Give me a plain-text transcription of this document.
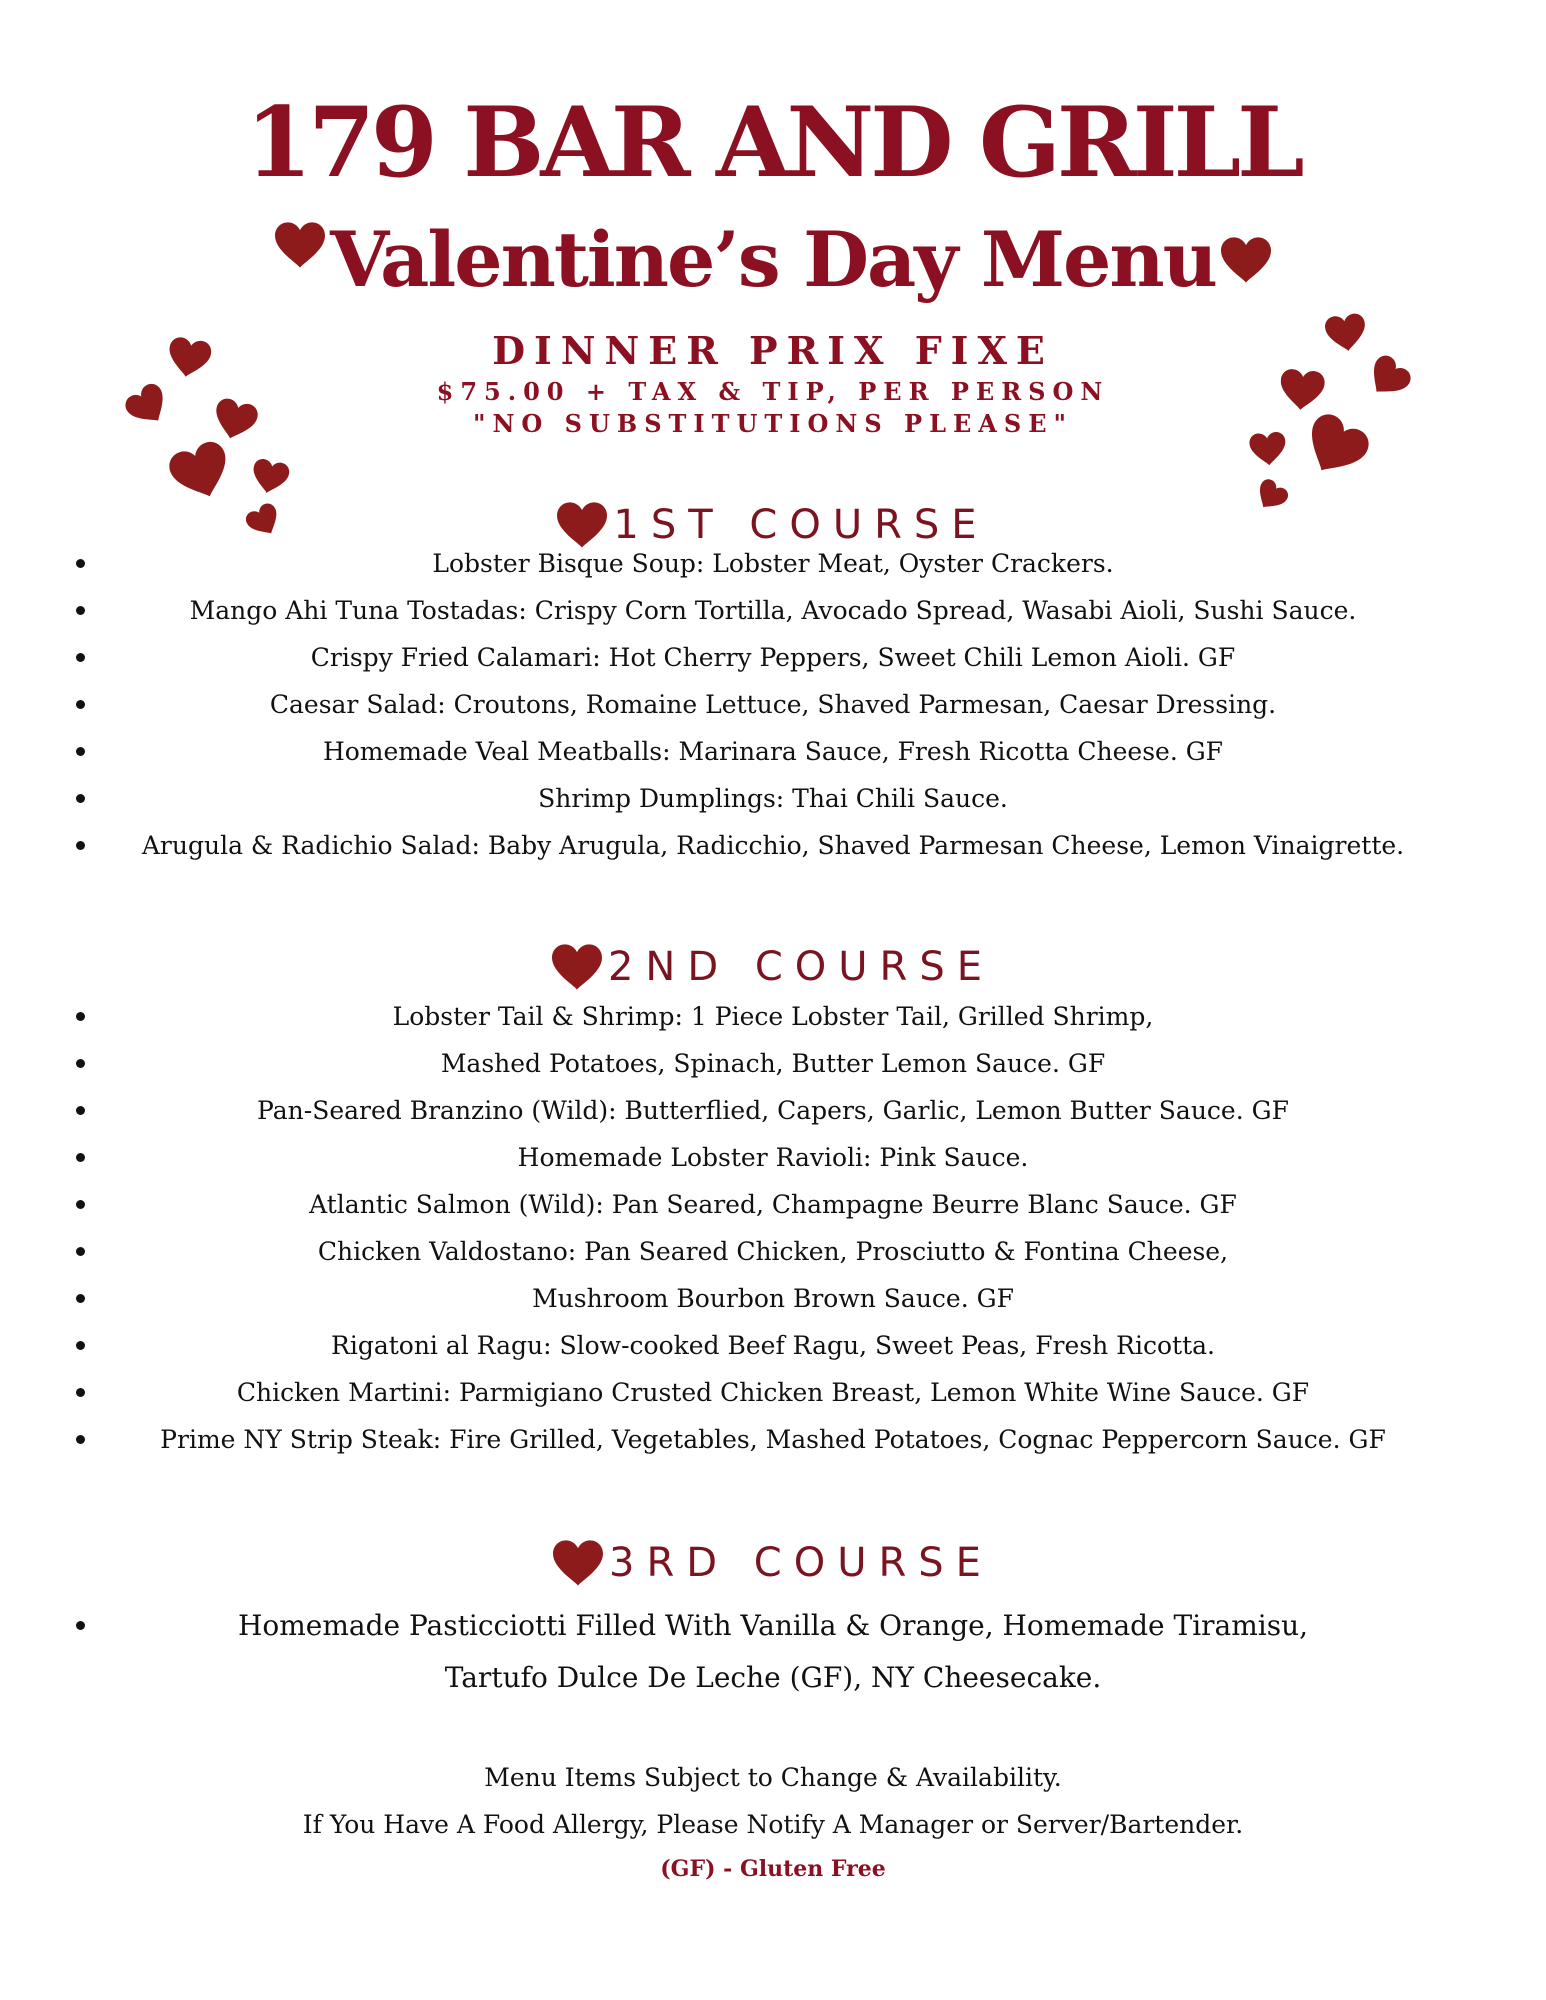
179 BAR AND GRILL
Valentine’s Day Menu
DINNER PRIX FIXE
$75.00 + TAX & TIP, PER PERSON
"NO SUBSTITUTIONS PLEASE"
1ST COURSE
Lobster Bisque Soup: Lobster Meat, Oyster Crackers.
Mango Ahi Tuna Tostadas: Crispy Corn Tortilla, Avocado Spread, Wasabi Aioli, Sushi Sauce.
Crispy Fried Calamari: Hot Cherry Peppers, Sweet Chili Lemon Aioli. GF
Caesar Salad: Croutons, Romaine Lettuce, Shaved Parmesan, Caesar Dressing.
Homemade Veal Meatballs: Marinara Sauce, Fresh Ricotta Cheese. GF
Shrimp Dumplings: Thai Chili Sauce.
Arugula & Radichio Salad: Baby Arugula, Radicchio, Shaved Parmesan Cheese, Lemon Vinaigrette.
2ND COURSE
Lobster Tail & Shrimp: 1 Piece Lobster Tail, Grilled Shrimp,
Mashed Potatoes, Spinach, Butter Lemon Sauce. GF
Pan-Seared Branzino (Wild): Butterflied, Capers, Garlic, Lemon Butter Sauce. GF
Homemade Lobster Ravioli: Pink Sauce.
Atlantic Salmon (Wild): Pan Seared, Champagne Beurre Blanc Sauce. GF
Chicken Valdostano: Pan Seared Chicken, Prosciutto & Fontina Cheese,
Mushroom Bourbon Brown Sauce. GF
Rigatoni al Ragu: Slow-cooked Beef Ragu, Sweet Peas, Fresh Ricotta.
Chicken Martini: Parmigiano Crusted Chicken Breast, Lemon White Wine Sauce. GF
Prime NY Strip Steak: Fire Grilled, Vegetables, Mashed Potatoes, Cognac Peppercorn Sauce. GF
3RD COURSE
Homemade Pasticciotti Filled With Vanilla & Orange, Homemade Tiramisu,
Tartufo Dulce De Leche (GF), NY Cheesecake.
Menu Items Subject to Change & Availability.
If You Have A Food Allergy, Please Notify A Manager or Server/Bartender.
(GF) - Gluten Free
